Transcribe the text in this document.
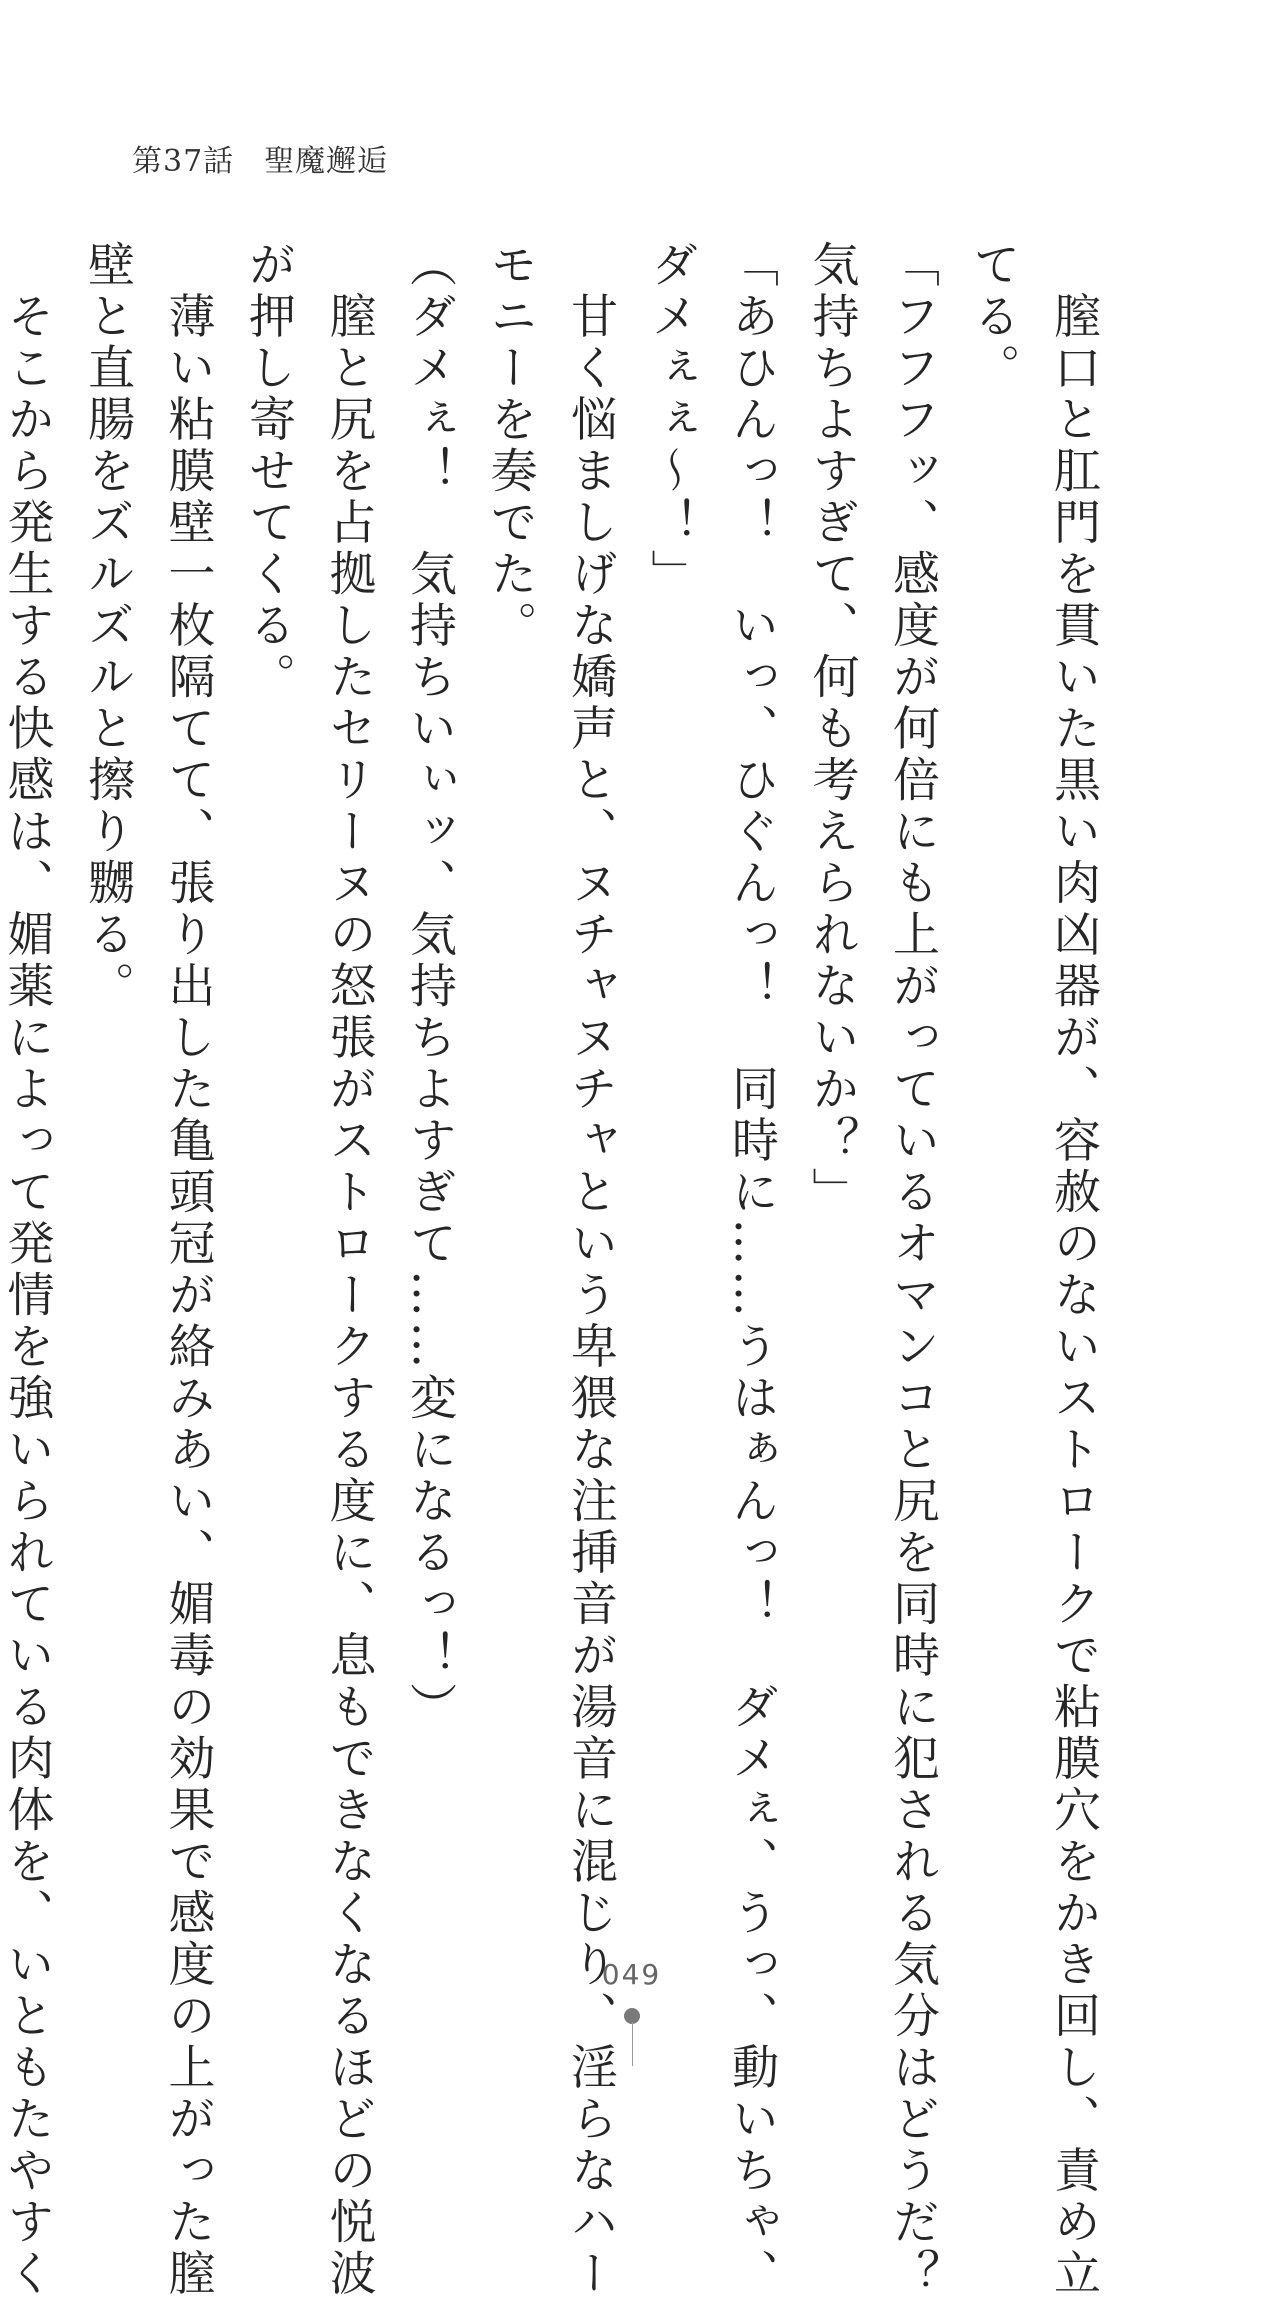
第37話 聖魔邂逅
　膣口と肛門を貫いた黒い肉凶器が、容赦のないストロークで粘膜穴をかき回し、責め立
てる。
「フフフッ、感度が何倍にも上がっているオマンコと尻を同時に犯される気分はどうだ？
気持ちよすぎて、何も考えられないか？」
「あひんっ！　いっ、ひぐんっ！　同時に……うはぁんっ！　ダメぇ、うっ、動いちゃ、
ダメぇぇ〜！」
　甘く悩ましげな嬌声と、ヌチャヌチャという卑猥な注挿音が湯音に混じり、淫らなハー
モニーを奏でた。
（ダメぇ！　気持ちいぃッ、気持ちよすぎて……変になるっ！）
　膣と尻を占拠したセリーヌの怒張がストロークする度に、息もできなくなるほどの悦波
が押し寄せてくる。
　薄い粘膜壁一枚隔てて、張り出した亀頭冠が絡みあい、媚毒の効果で感度の上がった膣
壁と直腸をズルズルと擦り嬲る。
　そこから発生する快感は、媚薬によって発情を強いられている肉体を、いともたやすく	049
